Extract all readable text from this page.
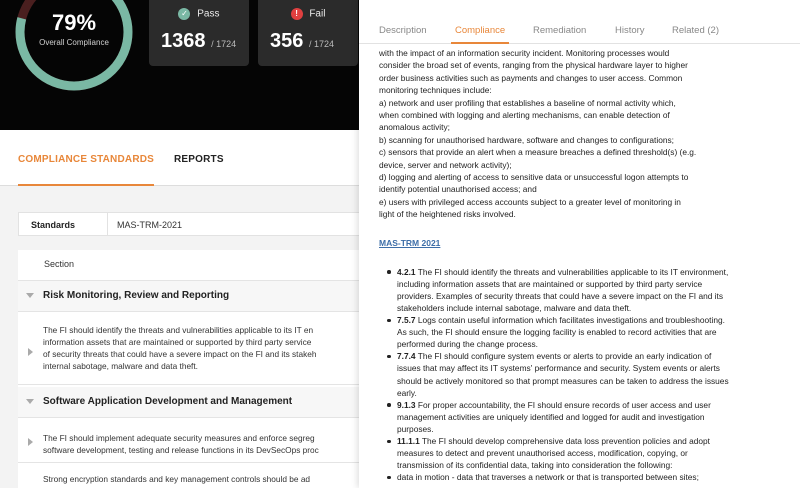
79%
Overall Compliance
✓ Pass
1368 / 1724
! Fail
356 / 1724
COMPLIANCE STANDARDS REPORTS
Standards	MAS-TRM-2021
Section
Risk Monitoring, Review and Reporting
The FI should identify the threats and vulnerabilities applicable to its IT en
information assets that are maintained or supported by third party service
of security threats that could have a severe impact on the FI and its stakeh
internal sabotage, malware and data theft.
Software Application Development and Management
The FI should implement adequate security measures and enforce segreg
software development, testing and release functions in its DevSecOps proc
Strong encryption standards and key management controls should be ad
Description	Compliance	Remediation	History	Related (2)
with the impact of an information security incident. Monitoring processes would
consider the broad set of events, ranging from the physical hardware layer to higher
order business activities such as payments and changes to user access. Common
monitoring techniques include:
a) network and user profiling that establishes a baseline of normal activity which,
when combined with logging and alerting mechanisms, can enable detection of
anomalous activity;
b) scanning for unauthorised hardware, software and changes to configurations;
c) sensors that provide an alert when a measure breaches a defined threshold(s) (e.g.
device, server and network activity);
d) logging and alerting of access to sensitive data or unsuccessful logon attempts to
identify potential unauthorised access; and
e) users with privileged access accounts subject to a greater level of monitoring in
light of the heightened risks involved.
MAS-TRM 2021
4.2.1 The FI should identify the threats and vulnerabilities applicable to its IT environment,
including information assets that are maintained or supported by third party service
providers. Examples of security threats that could have a severe impact on the FI and its
stakeholders include internal sabotage, malware and data theft.
7.5.7 Logs contain useful information which facilitates investigations and troubleshooting.
As such, the FI should ensure the logging facility is enabled to record activities that are
performed during the change process.
7.7.4 The FI should configure system events or alerts to provide an early indication of
issues that may affect its IT systems' performance and security. System events or alerts
should be actively monitored so that prompt measures can be taken to address the issues
early.
9.1.3 For proper accountability, the FI should ensure records of user access and user
management activities are uniquely identified and logged for audit and investigation
purposes.
11.1.1 The FI should develop comprehensive data loss prevention policies and adopt
measures to detect and prevent unauthorised access, modification, copying, or
transmission of its confidential data, taking into consideration the following:
data in motion - data that traverses a network or that is transported between sites;
